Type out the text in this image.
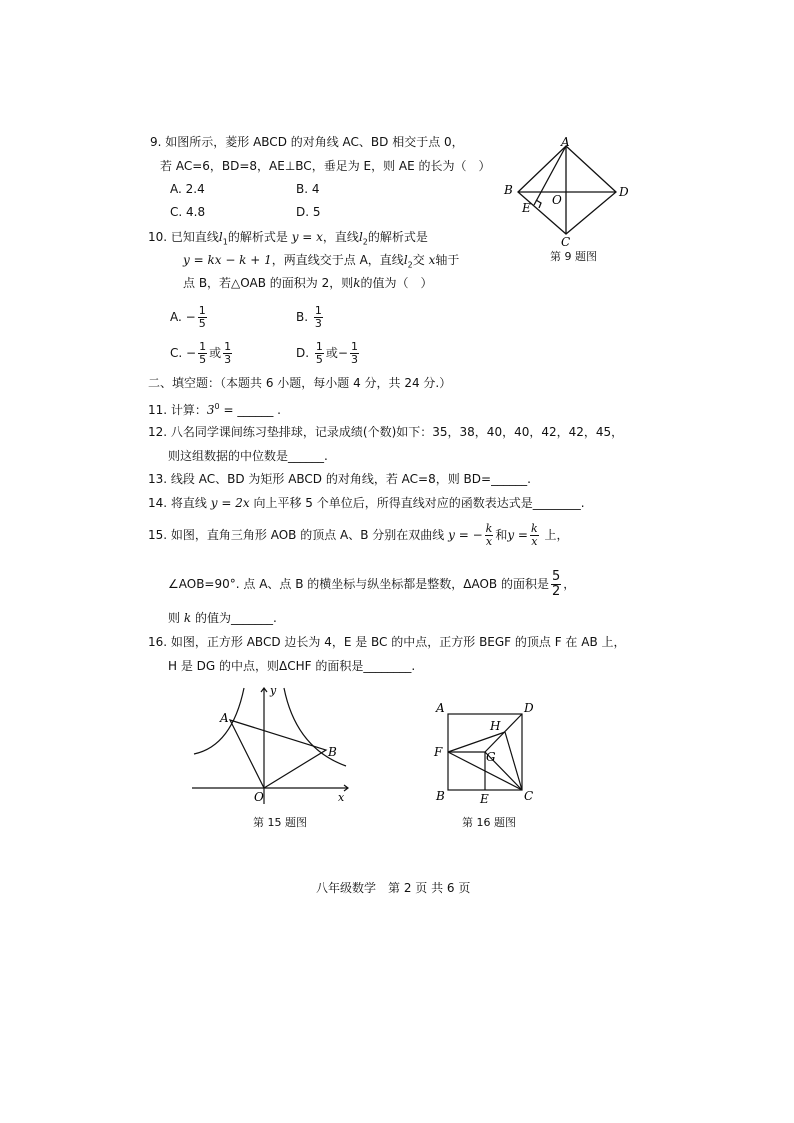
9. 如图所示，菱形 ABCD 的对角线 AC、BD 相交于点 0，
若 AC=6，BD=8，AE⊥BC，垂足为 E，则 AE 的长为（　）
A. 2.4	B. 4
C. 4.8	D. 5
A
B	D
C
E
O
第 9 题图
10. 已知直线$l_1$的解析式是 y = x，直线$l_2$的解析式是
y = kx − k + 1，两直线交于点 A，直线$l_2$交 x轴于
点 B，若△OAB 的面积为 2，则k的值为（　）
A. − $\frac{1}{5}$	B. $\frac{1}{3}$
C. − $\frac{1}{5}$ 或 $\frac{1}{3}$	D. $\frac{1}{5}$ 或− $\frac{1}{3}$
二、填空题：（本题共 6 小题，每小题 4 分，共 24 分.）
11. 计算：$3^0$ = ______ .
12. 八名同学课间练习垫排球，记录成绩(个数)如下：35，38，40，40，42，42，45，
则这组数据的中位数是______.
13. 线段 AC、BD 为矩形 ABCD 的对角线，若 AC=8，则 BD=______.
14. 将直线 y = 2x 向上平移 5 个单位后，所得直线对应的函数表达式是________.
15. 如图，直角三角形 AOB 的顶点 A、B 分别在双曲线 y = − $\frac{k}{x}$ 和$y = \frac{k}{x}$ 上，
∠AOB=90°. 点 A、点 B 的横坐标与纵坐标都是整数，ΔAOB 的面积是 $\frac{5}{2}$ ，
则 k 的值为_______.
16. 如图，正方形 ABCD 边长为 4，E 是 BC 的中点，正方形 BEGF 的顶点 F 在 AB 上，
H 是 DG 的中点，则ΔCHF 的面积是________.
y
x
A
B
O
第 15 题图
A	D
F
H
G
B	E	C
第 16 题图
八年级数学　第 2 页 共 6 页
